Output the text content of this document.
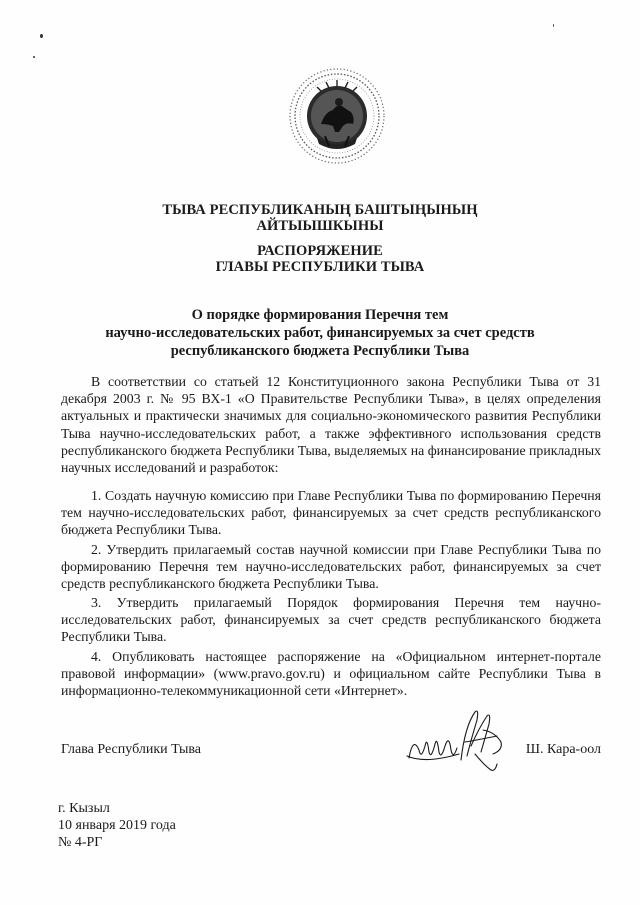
ТЫВА РЕСПУБЛИКАНЫҢ БАШТЫҢЫНЫҢ
АЙТЫЫШКЫНЫ
РАСПОРЯЖЕНИЕ
ГЛАВЫ РЕСПУБЛИКИ ТЫВА
О порядке формирования Перечня тем
научно-исследовательских работ, финансируемых за счет средств
республиканского бюджета Республики Тыва

В соответствии со статьей 12 Конституционного закона Республики Тыва от 31 декабря 2003 г. № 95 ВХ-1 «О Правительстве Республики Тыва», в целях определения актуальных и практически значимых для социально-экономического развития Республики Тыва научно-исследовательских работ, а также эффективного использования средств республиканского бюджета Республики Тыва, выделяемых на финансирование прикладных научных исследований и разработок:

1. Создать научную комиссию при Главе Республики Тыва по формированию Перечня тем научно-исследовательских работ, финансируемых за счет средств республиканского бюджета Республики Тыва.

2. Утвердить прилагаемый состав научной комиссии при Главе Республики Тыва по формированию Перечня тем научно-исследовательских работ, финансируемых за счет средств республиканского бюджета Республики Тыва.

3. Утвердить прилагаемый Порядок формирования Перечня тем научно-исследовательских работ, финансируемых за счет средств республиканского бюджета Республики Тыва.

4. Опубликовать настоящее распоряжение на «Официальном интернет-портале правовой информации» (www.pravo.gov.ru) и официальном сайте Республики Тыва в информационно-телекоммуникационной сети «Интернет».

Глава Республики Тыва	Ш. Кара-оол
г. Кызыл
10 января 2019 года
№ 4-РГ
